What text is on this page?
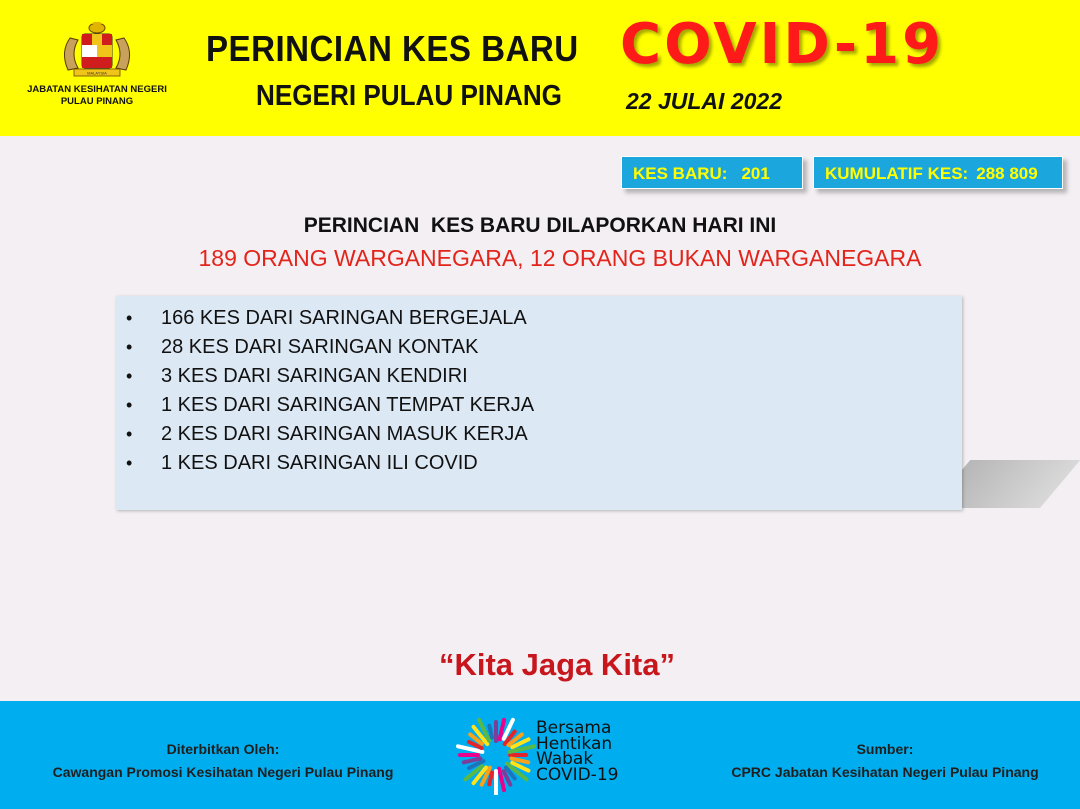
MALAYSIA
JABATAN KESIHATAN NEGERI
PULAU PINANG
PERINCIAN KES BARU COVID-19
NEGERI PULAU PINANG	22 JULAI 2022
KES BARU: 201	KUMULATIF KES: 288 809
PERINCIAN  KES BARU DILAPORKAN HARI INI
189 ORANG WARGANEGARA, 12 ORANG BUKAN WARGANEGARA
• 166 KES DARI SARINGAN BERGEJALA
• 28 KES DARI SARINGAN KONTAK
• 3 KES DARI SARINGAN KENDIRI
• 1 KES DARI SARINGAN TEMPAT KERJA
• 2 KES DARI SARINGAN MASUK KERJA
• 1 KES DARI SARINGAN ILI COVID
“Kita Jaga Kita”
Diterbitkan Oleh:
Cawangan Promosi Kesihatan Negeri Pulau Pinang
Bersama
Hentikan
Wabak
COVID-19
Sumber:
CPRC Jabatan Kesihatan Negeri Pulau Pinang
